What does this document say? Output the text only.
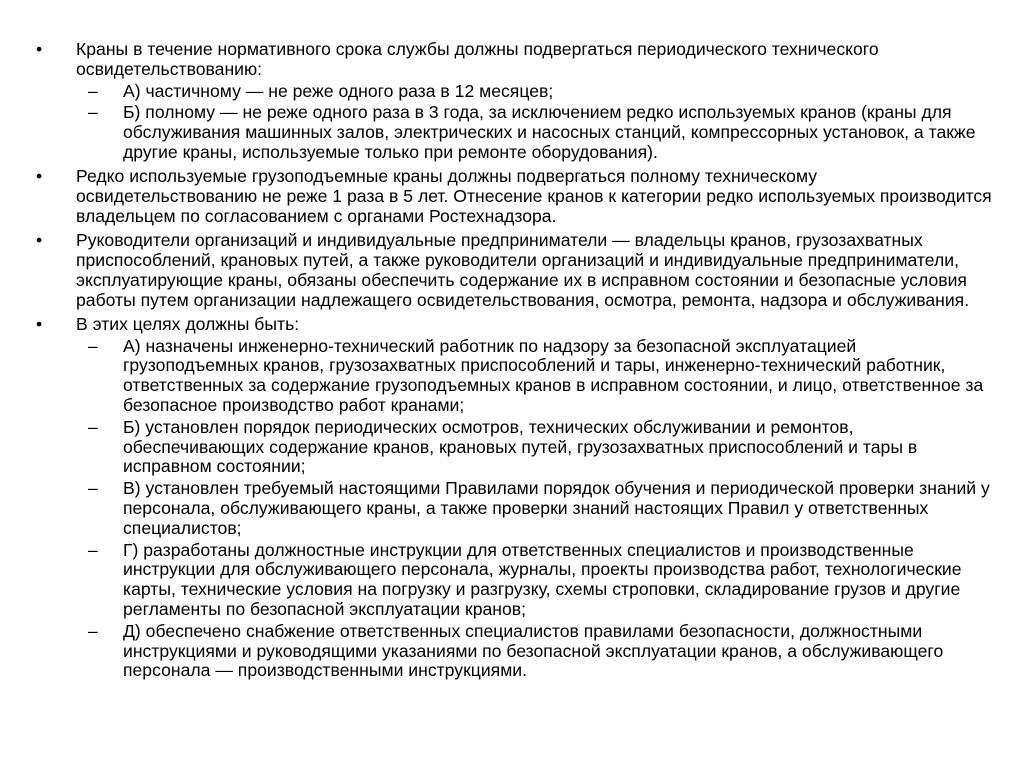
•	Краны в течение нормативного срока службы должны подвергаться периодического технического освидетельствованию:
–	А) частичному — не реже одного раза в 12 месяцев;
–	Б) полному — не реже одного раза в 3 года, за исключением редко используемых кранов (краны для обслуживания машинных залов, электрических и насосных станций, компрессорных установок, а также другие краны, используемые только при ремонте оборудования).
•	Редко используемые грузоподъемные краны должны подвергаться полному техническому освидетельствованию не реже 1 раза в 5 лет. Отнесение кранов к категории редко используемых производится владельцем по согласованием с органами Ростехнадзора.
•	Руководители организаций и индивидуальные предприниматели — владельцы кранов, грузозахватных приспособлений, крановых путей, а также руководители организаций и индивидуальные предприниматели, эксплуатирующие краны, обязаны обеспечить содержание их в исправном состоянии и безопасные условия работы путем организации надлежащего освидетельствования, осмотра, ремонта, надзора и обслуживания.
•	В этих целях должны быть:
–	А) назначены инженерно-технический работник по надзору за безопасной эксплуатацией грузоподъемных кранов, грузозахватных приспособлений и тары, инженерно-технический работник, ответственных за содержание грузоподъемных кранов в исправном состоянии, и лицо, ответственное за безопасное производство работ кранами;
–	Б) установлен порядок периодических осмотров, технических обслуживании и ремонтов, обеспечивающих содержание кранов, крановых путей, грузозахватных приспособлений и тары в исправном состоянии;
–	В) установлен требуемый настоящими Правилами порядок обучения и периодической проверки знаний у персонала, обслуживающего краны, а также проверки знаний настоящих Правил у ответственных специалистов;
–	Г) разработаны должностные инструкции для ответственных специалистов и производственные инструкции для обслуживающего персонала, журналы, проекты производства работ, технологические карты, технические условия на погрузку и разгрузку, схемы строповки, складирование грузов и другие регламенты по безопасной эксплуатации кранов;
–	Д) обеспечено снабжение ответственных специалистов правилами безопасности, должностными инструкциями и руководящими указаниями по безопасной эксплуатации кранов, а обслуживающего персонала — производственными инструкциями.
